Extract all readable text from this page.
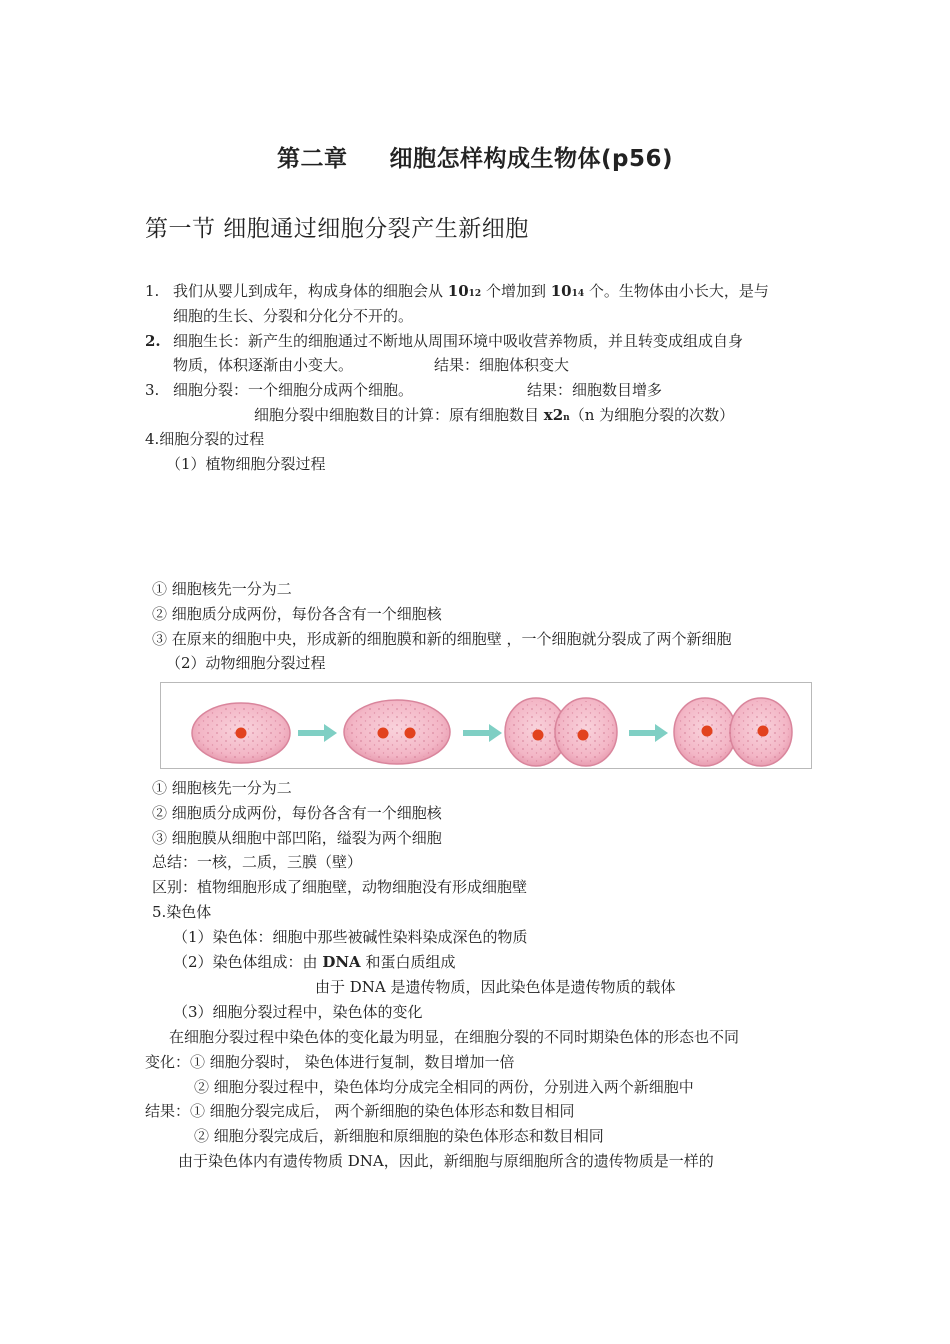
第二章 细胞怎样构成生物体(p56)
第一节 细胞通过细胞分裂产生新细胞
1. 我们从婴儿到成年，构成身体的细胞会从 1012 个增加到 1014 个。生物体由小长大，是与
细胞的生长、分裂和分化分不开的。
2. 细胞生长：新产生的细胞通过不断地从周围环境中吸收营养物质，并且转变成组成自身
物质，体积逐渐由小变大。	结果：细胞体积变大
3. 细胞分裂：一个细胞分成两个细胞。	结果：细胞数目增多
细胞分裂中细胞数目的计算：原有细胞数目 x2n（n 为细胞分裂的次数）
4.细胞分裂的过程
（1）植物细胞分裂过程
① 细胞核先一分为二
② 细胞质分成两份，每份各含有一个细胞核
③ 在原来的细胞中央，形成新的细胞膜和新的细胞壁 ，一个细胞就分裂成了两个新细胞
（2）动物细胞分裂过程
① 细胞核先一分为二
② 细胞质分成两份，每份各含有一个细胞核
③ 细胞膜从细胞中部凹陷，缢裂为两个细胞
总结：一核，二质，三膜（壁）
区别：植物细胞形成了细胞壁，动物细胞没有形成细胞壁
5.染色体
（1）染色体：细胞中那些被碱性染料染成深色的物质
（2）染色体组成：由 DNA 和蛋白质组成
由于 DNA 是遗传物质，因此染色体是遗传物质的载体
（3）细胞分裂过程中，染色体的变化
在细胞分裂过程中染色体的变化最为明显，在细胞分裂的不同时期染色体的形态也不同
变化：① 细胞分裂时， 染色体进行复制，数目增加一倍
② 细胞分裂过程中，染色体均分成完全相同的两份，分别进入两个新细胞中
结果：① 细胞分裂完成后， 两个新细胞的染色体形态和数目相同
② 细胞分裂完成后，新细胞和原细胞的染色体形态和数目相同
由于染色体内有遗传物质 DNA，因此，新细胞与原细胞所含的遗传物质是一样的
